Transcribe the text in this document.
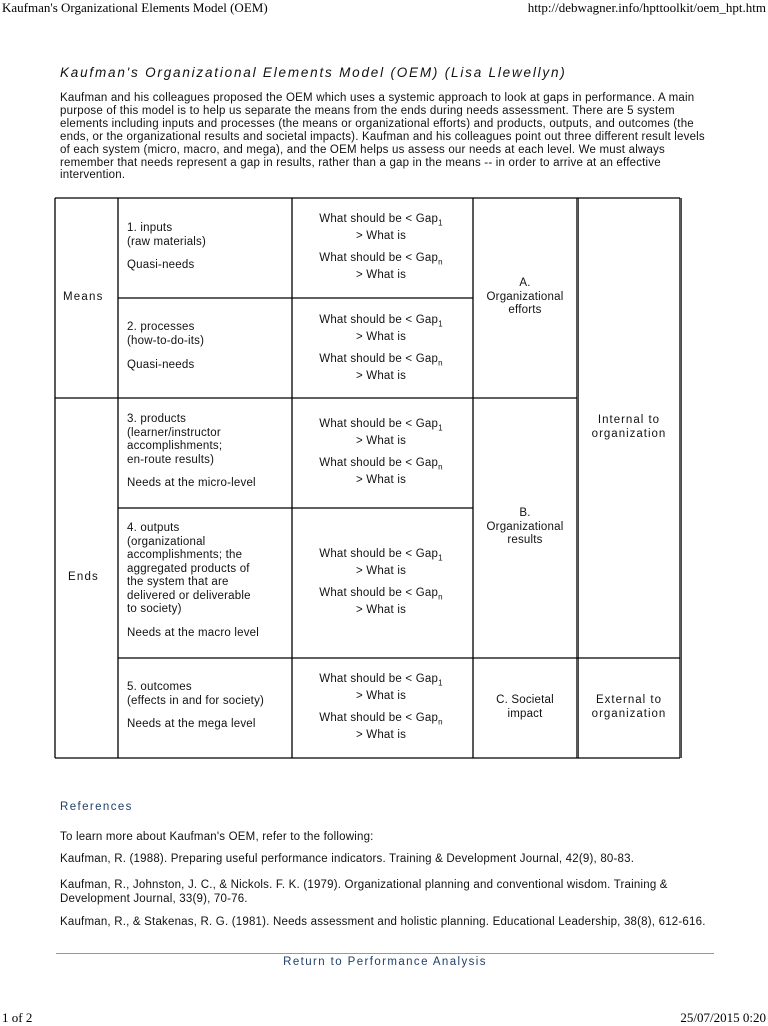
Kaufman's Organizational Elements Model (OEM)	http://debwagner.info/hpttoolkit/oem_hpt.htm
Kaufman's Organizational Elements Model (OEM) (Lisa Llewellyn)
Kaufman and his colleagues proposed the OEM which uses a systemic approach to look at gaps in performance. A main purpose of this model is to help us separate the means from the ends during needs assessment. There are 5 system elements including inputs and processes (the means or organizational efforts) and products, outputs, and outcomes (the ends, or the organizational results and societal impacts). Kaufman and his colleagues point out three different result levels of each system (micro, macro, and mega), and the OEM helps us assess our needs at each level. We must always remember that needs represent a gap in results, rather than a gap in the means -- in order to arrive at an effective intervention.
Means
Ends
1. inputs
(raw materials)
Quasi-needs
2. processes
(how-to-do-its)
Quasi-needs
3. products
(learner/instructor
accomplishments;
en-route results)
Needs at the micro-level
4. outputs
(organizational
accomplishments; the
aggregated products of
the system that are
delivered or deliverable
to society)
Needs at the macro level
5. outcomes
(effects in and for society)
Needs at the mega level
What should be < Gap$_1$
> What is
What should be < Gap$_n$
> What is
What should be < Gap$_1$
> What is
What should be < Gap$_n$
> What is
What should be < Gap$_1$
> What is
What should be < Gap$_n$
> What is
What should be < Gap$_1$
> What is
What should be < Gap$_n$
> What is
What should be < Gap$_1$
> What is
What should be < Gap$_n$
> What is
A.
Organizational
efforts
B.
Organizational
results
C. Societal
impact
Internal to
organization
External to
organization
References
To learn more about Kaufman's OEM, refer to the following:
Kaufman, R. (1988). Preparing useful performance indicators. Training & Development Journal, 42(9), 80-83.
Kaufman, R., Johnston, J. C., & Nickols. F. K. (1979). Organizational planning and conventional wisdom. Training & Development Journal, 33(9), 70-76.
Kaufman, R., & Stakenas, R. G. (1981). Needs assessment and holistic planning. Educational Leadership, 38(8), 612-616.
Return to Performance Analysis
1 of 2	25/07/2015 0:20
